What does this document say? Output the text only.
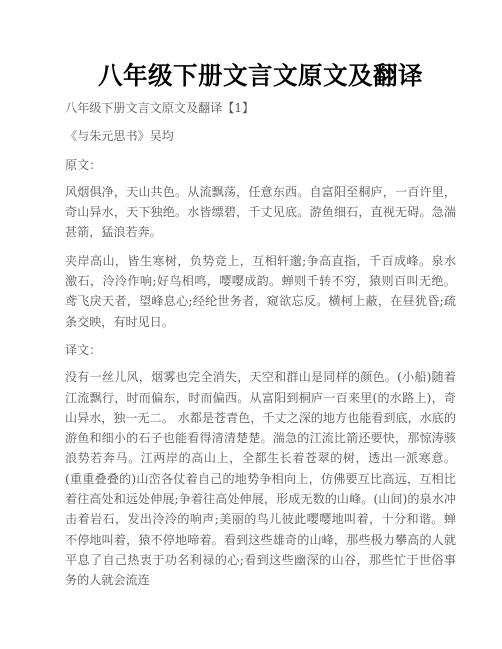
八年级下册文言文原文及翻译

八年级下册文言文原文及翻译【1】

《与朱元思书》吴均

原文：

风烟俱净，天山共色。从流飘荡，任意东西。自富阳至桐庐，一百许里，奇山异水，天下独绝。水皆缥碧，千丈见底。游鱼细石，直视无碍。急湍甚箭，猛浪若奔。

夹岸高山，皆生寒树，负势竞上，互相轩邈;争高直指，千百成峰。泉水激石，泠泠作响;好鸟相鸣，嘤嘤成韵。蝉则千转不穷，猿则百叫无绝。鸢飞戾天者，望峰息心;经纶世务者，窥欲忘反。横柯上蔽，在昼犹昏;疏条交映，有时见日。

译文：

没有一丝儿风，烟雾也完全消失，天空和群山是同样的颜色。(小船)随着江流飘行，时而偏东，时而偏西。从富阳到桐庐一百来里(的水路上)，奇山异水，独一无二。 水都是苍青色，千丈之深的地方也能看到底，水底的游鱼和细小的石子也能看得清清楚楚。湍急的江流比箭还要快，那惊涛骇浪势若奔马。江两岸的高山上，全都生长着苍翠的树，透出一派寒意。(重重叠叠的)山峦各仗着自己的地势争相向上，仿佛要互比高远，互相比着往高处和远处伸展;争着往高处伸展，形成无数的山峰。(山间)的泉水冲击着岩石，发出泠泠的响声;美丽的鸟儿彼此嘤嘤地叫着，十分和谐。蝉不停地叫着，猿不停地啼着。看到这些雄奇的山峰，那些极力攀高的人就平息了自己热衷于功名利禄的心;看到这些幽深的山谷，那些忙于世俗事务的人就会流连
